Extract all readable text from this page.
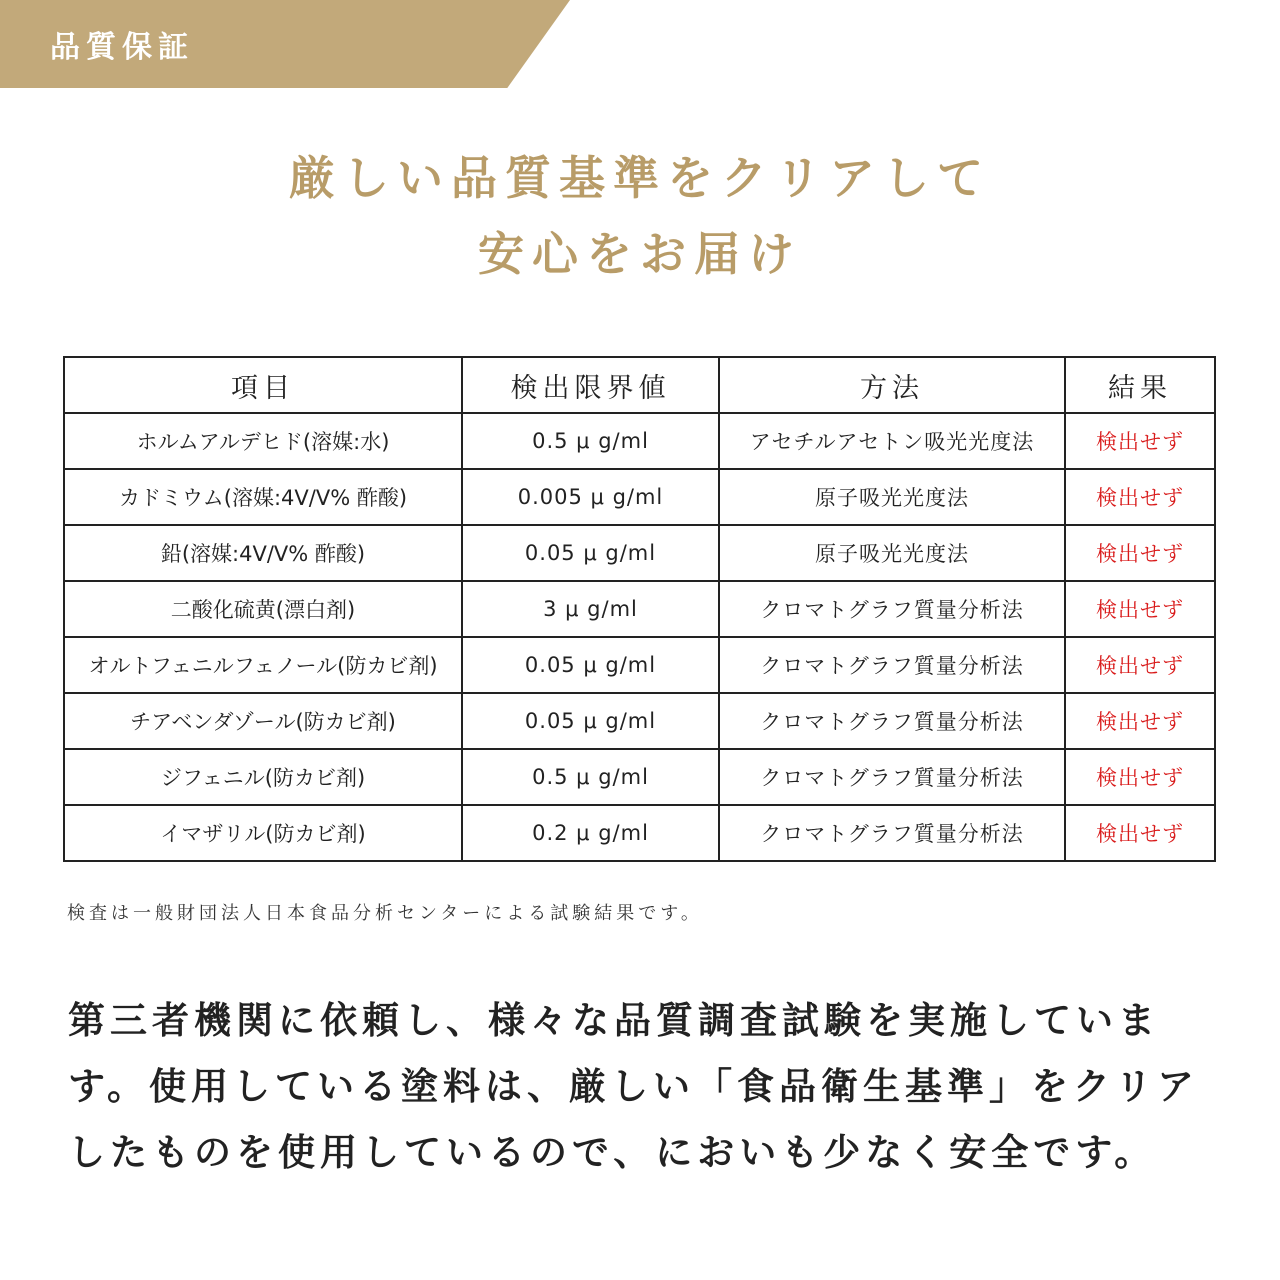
品質保証
厳しい品質基準をクリアして
安心をお届け
項目	検出限界値	方法	結果
ホルムアルデヒド(溶媒:水)	0.5 μ g/ml	アセチルアセトン吸光光度法	検出せず
カドミウム(溶媒:4V/V% 酢酸)	0.005 μ g/ml	原子吸光光度法	検出せず
鉛(溶媒:4V/V% 酢酸)	0.05 μ g/ml	原子吸光光度法	検出せず
二酸化硫黄(漂白剤)	3 μ g/ml	クロマトグラフ質量分析法	検出せず
オルトフェニルフェノール(防カビ剤)	0.05 μ g/ml	クロマトグラフ質量分析法	検出せず
チアベンダゾール(防カビ剤)	0.05 μ g/ml	クロマトグラフ質量分析法	検出せず
ジフェニル(防カビ剤)	0.5 μ g/ml	クロマトグラフ質量分析法	検出せず
イマザリル(防カビ剤)	0.2 μ g/ml	クロマトグラフ質量分析法	検出せず
検査は一般財団法人日本食品分析センターによる試験結果です。
第三者機関に依頼し、様々な品質調査試験を実施しています。使用している塗料は、厳しい「食品衛生基準」をクリアしたものを使用しているので、においも少なく安全です。
